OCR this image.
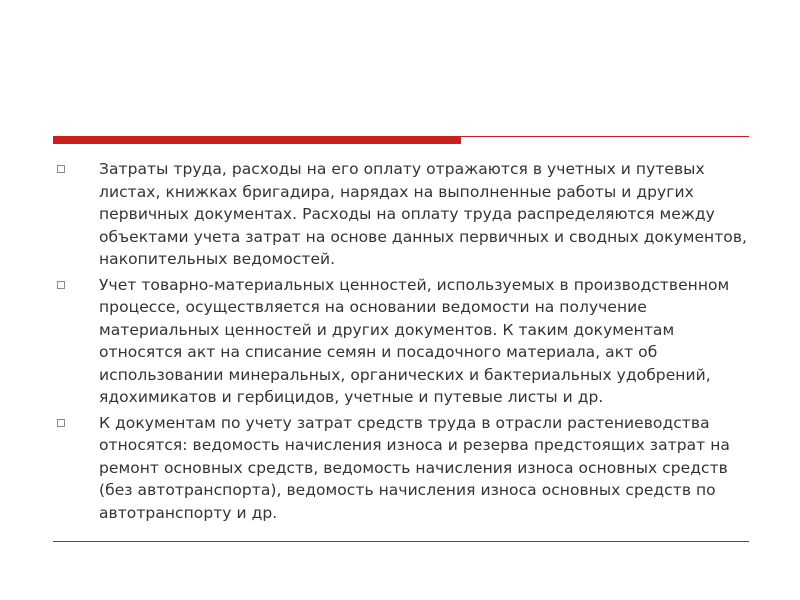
Затраты труда, расходы на его оплату отражаются в учетных и путевых листах, книжках бригадира, нарядах на выполненные работы и других первичных документах. Расходы на оплату труда распределяются между объектами учета затрат на основе данных первичных и сводных документов, накопительных ведомостей.
Учет товарно-материальных ценностей, используемых в производственном процессе, осуществляется на основании ведомости на получение материальных ценностей и других документов. К таким документам относятся акт на списание семян и посадочного материала, акт об использовании минеральных, органических и бактериальных удобрений, ядохимикатов и гербицидов, учетные и путевые листы и др.
К документам по учету затрат средств труда в отрасли растениеводства относятся: ведомость начисления износа и резерва предстоящих затрат на ремонт основных средств, ведомость начисления износа основных средств (без автотранспорта), ведомость начисления износа основных средств по автотранспорту и др.
